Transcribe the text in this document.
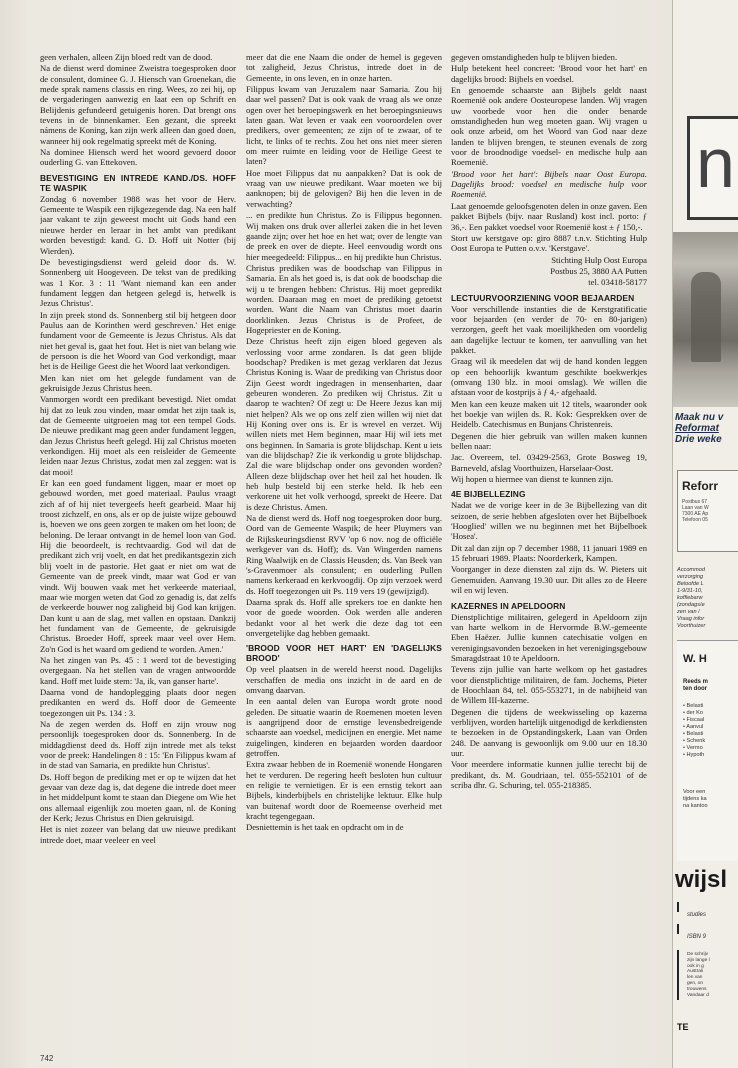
geen verhalen, alleen Zijn bloed redt van de dood.

Na de dienst werd dominee Zweistra toegesproken door de consulent, dominee G. J. Hiensch van Groenekan, die mede sprak namens classis en ring. Wees, zo zei hij, op de vergaderingen aanwezig en laat een op Schrift en Belijdenis gefundeerd getuigenis horen. Dat brengt ons tevens in de binnenkamer. Een gezant, die spreekt námens de Koning, kan zijn werk alleen dan goed doen, wanneer hij ook regelmatig spreekt mét de Koning.

Na dominee Hiensch werd het woord gevoerd dooor ouderling G. van Ettekoven.

BEVESTIGING EN INTREDE KAND./DS. HOFF TE WASPIK

Zondag 6 november 1988 was het voor de Herv. Gemeente te Waspik een rijkgezegende dag. Na een half jaar vakant te zijn geweest mocht uit Gods hand een nieuwe herder en leraar in het ambt van predikant worden bevestigd: kand. G. D. Hoff uit Notter (bij Wierden).

De bevestigingsdienst werd geleid door ds. W. Sonnenberg uit Hoogeveen. De tekst van de prediking was 1 Kor. 3 : 11 'Want niemand kan een ander fundament leggen dan hetgeen gelegd is, hetwelk is Jezus Christus'.

In zijn preek stond ds. Sonnenberg stil bij hetgeen door Paulus aan de Korinthen werd geschreven.' Het enige fundament voor de Gemeente is Jezus Christus. Als dat niet het geval is, gaat het fout. Het is niet van belang wie de persoon is die het Woord van God verkondigt, maar het is de Heilige Geest die het Woord laat verkondigen.

Men kan niet om het gelegde fundament van de gekruisigde Jezus Christus heen.

Vanmorgen wordt een predikant bevestigd. Niet omdat hij dat zo leuk zou vinden, maar omdat het zijn taak is, dat de Gemeente uitgroeien mag tot een tempel Gods. De nieuwe predikant mag geen ander fundament leggen, dan Jezus Christus heeft gelegd. Hij zal Christus moeten verkondigen. Hij moet als een reisleider de Gemeente leiden naar Jezus Christus, zodat men zal zeggen: wat is dat mooi!

Er kan een goed fundament liggen, maar er moet op gebouwd worden, met goed materiaal. Paulus vraagt zich af of hij niet tevergeefs heeft gearbeid. Maar hij troost zichzelf, en ons, als er op de juiste wijze gebouwd is, hoeven we ons geen zorgen te maken om het loon; de beloning. De leraar ontvangt in de hemel loon van God. Hij die beoordeelt, is rechtvaardig. God wil dat de predikant zich vrij voelt, en dat het predikantsgezin zich blij voelt in de pastorie. Het gaat er niet om wat de Gemeente van de preek vindt, maar wat God er van vindt. Wij bouwen vaak met het verkeerde materiaal, maar wie morgen weten dat God zo genadig is, dat zelfs de verkeerde bouwer nog zaligheid bij God kan krijgen. Dan kunt u aan de slag, met vallen en opstaan. Dankzij het fundament van de Gemeente, de gekruisigde Christus. Broeder Hoff, spreek maar veel over Hem. Zo'n God is het waard om gediend te worden. Amen.'

Na het zingen van Ps. 45 : 1 werd tot de bevestiging overgegaan. Na het stellen van de vragen antwoordde kand. Hoff met luide stem: 'Ja, ik, van ganser harte'.

Daarna vond de handoplegging plaats door negen predikanten en werd ds. Hoff door de Gemeente toegezongen uit Ps. 134 : 3.

Na de zegen werden ds. Hoff en zijn vrouw nog persoonlijk toegesproken door ds. Sonnenberg. In de middagdienst deed ds. Hoff zijn intrede met als tekst voor de preek: Handelingen 8 : 15: 'En Filippus kwam af in de stad van Samaria, en predikte hun Christus'.

Ds. Hoff begon de prediking met er op te wijzen dat het gevaar van deze dag is, dat degene die intrede doet meer in het middelpunt komt te staan dan Diegene om Wie het ons allemaal eigenlijk zou moeten gaan, nl. de Koning der Kerk; Jezus Christus en Dien gekruisigd.

Het is niet zozeer van belang dat uw nieuwe predikant intrede doet, maar veeleer en veel

meer dat die ene Naam die onder de hemel is gegeven tot zaligheid, Jezus Christus, intrede doet in de Gemeente, in ons leven, en in onze harten.

Filippus kwam van Jeruzalem naar Samaria. Zou hij daar wel passen? Dat is ook vaak de vraag als we onze ogen over het beroepingswerk en het beroepingsnieuws laten gaan. Wat leven er vaak een vooroordelen over predikers, over gemeenten; ze zijn of te zwaar, of te licht, te links of te rechts. Zou het ons niet meer sieren om meer ruimte en leiding voor de Heilige Geest te laten?

Hoe moet Filippus dat nu aanpakken? Dat is ook de vraag van uw nieuwe predikant. Waar moeten we bij aanknopen; bij de gelovigen? Bij hen die leven in de verwachting?

... en predikte hun Christus. Zo is Filippus begonnen. Wij maken ons druk over allerlei zaken die in het leven gaande zijn; over het hoe en het wat; over de lengte van de preek en over de diepte. Heel eenvoudig wordt ons hier meegedeeld: Filippus... en hij predikte hun Christus.

Christus prediken was de boodschap van Filippus in Samaria. En als het goed is, is dat ook de boodschap die wij u te brengen hebben: Christus. Hij moet gepredikt worden. Daaraan mag en moet de prediking getoetst worden. Want die Naam van Christus moet daarin doorklinken. Jezus Christus is de Profeet, de Hogepriester en de Koning.

Deze Christus heeft zijn eigen bloed gegeven als verlossing voor arme zondaren. Is dat geen blijde boodschap? Prediken is met gezag verklaren dat Jezus Christus Koning is. Waar de prediking van Christus door Zijn Geest wordt ingedragen in mensenharten, daar gebeuren wonderen. Zo prediken wij Christus. Zit u daarop te wachten? Of zegt u: De Heere Jezus kan mij niet helpen? Als we op ons zelf zien willen wij niet dat Hij Koning over ons is. Er is wrevel en verzet. Wij willen niets met Hem beginnen, maar Hij wil iets met ons beginnen. In Samaria is grote blijdschap. Kent u iets van die blijdschap? Zie ik verkondig u grote blijdschap. Zal die ware blijdschap onder ons gevonden worden? Alleen deze blijdschap over het heil zal het houden. Ik heb hulp besteld bij een sterke held. Ik heb een verkorene uit het volk verhoogd, spreekt de Heere. Dat is deze Christus. Amen.

Na de dienst werd ds. Hoff nog toegesproken door burg. Oord van de Gemeente Waspik; de heer Pluymers van de Rijkskeuringsdienst RVV 'op 6 nov. nog de officiële werkgever van ds. Hoff); ds. Van Wingerden namens Ring Waalwijk en de Classis Heusden; ds. Van Beek van 's-Gravenmoer als consulent; en ouderling Pullen namens kerkeraad en kerkvoogdij. Op zijn verzoek werd ds. Hoff toegezongen uit Ps. 119 vers 19 (gewijzigd).

Daarna sprak ds. Hoff alle sprekers toe en dankte hen voor de goede woorden. Ook werden alle anderen bedankt voor al het werk die deze dag tot een onvergetelijke dag hebben gemaakt.

'BROOD VOOR HET HART' EN 'DAGELIJKS BROOD'

Op veel plaatsen in de wereld heerst nood. Dagelijks verschaffen de media ons inzicht in de aard en de omvang daarvan.

In een aantal delen van Europa wordt grote nood geleden. De situatie waarin de Roemenen moeten leven is aangrijpend door de ernstige levensbedreigende schaarste aan voedsel, medicijnen en energie. Met name zuigelingen, kinderen en bejaarden worden daardoor getroffen.

Extra zwaar hebben de in Roemenië wonende Hongaren het te verduren. De regering heeft besloten hun cultuur en religie te vernietigen. Er is een ernstig tekort aan Bijbels, kinderbijbels en christelijke lektuur. Elke hulp van buitenaf wordt door de Roemeense overheid met kracht tegengegaan.

Desniettemin is het taak en opdracht om in de

gegeven omstandigheden hulp te blijven bieden.

Hulp betekent heel concreet: 'Brood voor het hart' en dagelijks brood: Bijbels en voedsel.

En genoemde schaarste aan Bijbels geldt naast Roemenië ook andere Oosteuropese landen. Wij vragen uw voorbede voor hen die onder benarde omstandigheden hun weg moeten gaan. Wij vragen u ook onze arbeid, om het Woord van God naar deze landen te blijven brengen, te steunen evenals de zorg voor de broodnodige voedsel- en medische hulp aan Roemenië.

'Brood voor het hart': Bijbels naar Oost Europa. Dagelijks brood: voedsel en medische hulp voor Roemenië.

Laat genoemde geloofsgenoten delen in onze gaven. Een pakket Bijbels (bijv. naar Rusland) kost incl. porto: ƒ 36,-. Een pakket voedsel voor Roemenië kost ± ƒ 150,-.

Stort uw kerstgave op: giro 8887 t.n.v. Stichting Hulp Oost Europa te Putten o.v.v. 'Kerstgave'.

Stichting Hulp Oost Europa

Postbus 25, 3880 AA Putten

tel. 03418-58177

LECTUURVOORZIENING VOOR BEJAARDEN

Voor verschillende instanties die de Kerstgratificatie voor bejaarden (en verder de 70- en 80-jarigen) verzorgen, geeft het vaak moeilijkheden om voordelig aan dagelijke lectuur te komen, ter aanvulling van het pakket.

Graag wil ik meedelen dat wij de hand konden leggen op een behoorlijk kwantum geschikte boekwerkjes (omvang 130 blz. in mooi omslag). We willen die afstaan voor de kostprijs à ƒ 4,- afgehaald.

Men kan een keuze maken uit 12 titels, waaronder ook het boekje van wijlen ds. R. Kok: Gesprekken over de Heidelb. Catechismus en Bunjans Christenreis.

Degenen die hier gebruik van willen maken kunnen bellen naar:

Jac. Overeem, tel. 03429-2563, Grote Bosweg 19, Barneveld, afslag Voorthuizen, Harselaar-Oost.

Wij hopen u hiermee van dienst te kunnen zijn.

4E BIJBELLEZING

Nadat we de vorige keer in de 3e Bijbellezing van dit seizoen, de serie hebben afgesloten over het Bijbelboek 'Hooglied' willen we nu beginnen met het Bijbelboek 'Hosea'.

Dit zal dan zijn op 7 december 1988, 11 januari 1989 en 15 februari 1989. Plaats: Noorderkerk, Kampen.

Voorganger in deze diensten zal zijn ds. W. Pieters uit Genemuiden. Aanvang 19.30 uur. Dit alles zo de Heere wil en wij leven.

KAZERNES IN APELDOORN

Dienstplichtige militairen, gelegerd in Apeldoorn zijn van harte welkom in de Hervormde B.W.-gemeente Eben Haëzer. Jullie kunnen catechisatie volgen en verenigingsavonden bezoeken in het verenigingsgebouw Smaragdstraat 10 te Apeldoorn.

Tevens zijn jullie van harte welkom op het gastadres voor dienstplichtige militairen, de fam. Jochems, Pieter de Hoochlaan 84, tel. 055-553271, in de nabijheid van de Willem III-kazerne.

Degenen die tijdens de weekwisseling op kazerna verblijven, worden hartelijk uitgenodigd de kerkdiensten te bezoeken in de Opstandingskerk, Laan van Orden 248. De aanvang is gewoonlijk om 9.00 uur en 18.30 uur.

Voor meerdere informatie kunnen jullie terecht bij de predikant, ds. M. Goudriaan, tel. 055-552101 of de scriba dhr. G. Schuring, tel. 055-218385.

742
n
Maak nu v
Reformat
Drie weke
Reforr
Postbus 67
Laan van W
7300 AE Ap
Telefoon 05
Accommod
verzorging
Beloofde L
1-9/31-10,
koffiebarw
(zondags/e
zen van /
Vraag infor
Voorthuizer
W. H
Reeds m
ten door
• Belasti
• der Ko
• Fiscaal
• Aanvul
• Belasti
• Schenk
• Vermo
• Hypoth
Voor een
tijdens ka
na kantoo
wijsl
studies
ISBN 9
De schrijv
zijn lange l
ook in g
Australi
len van
gen, on
trouwens
Vandaar d
TE
